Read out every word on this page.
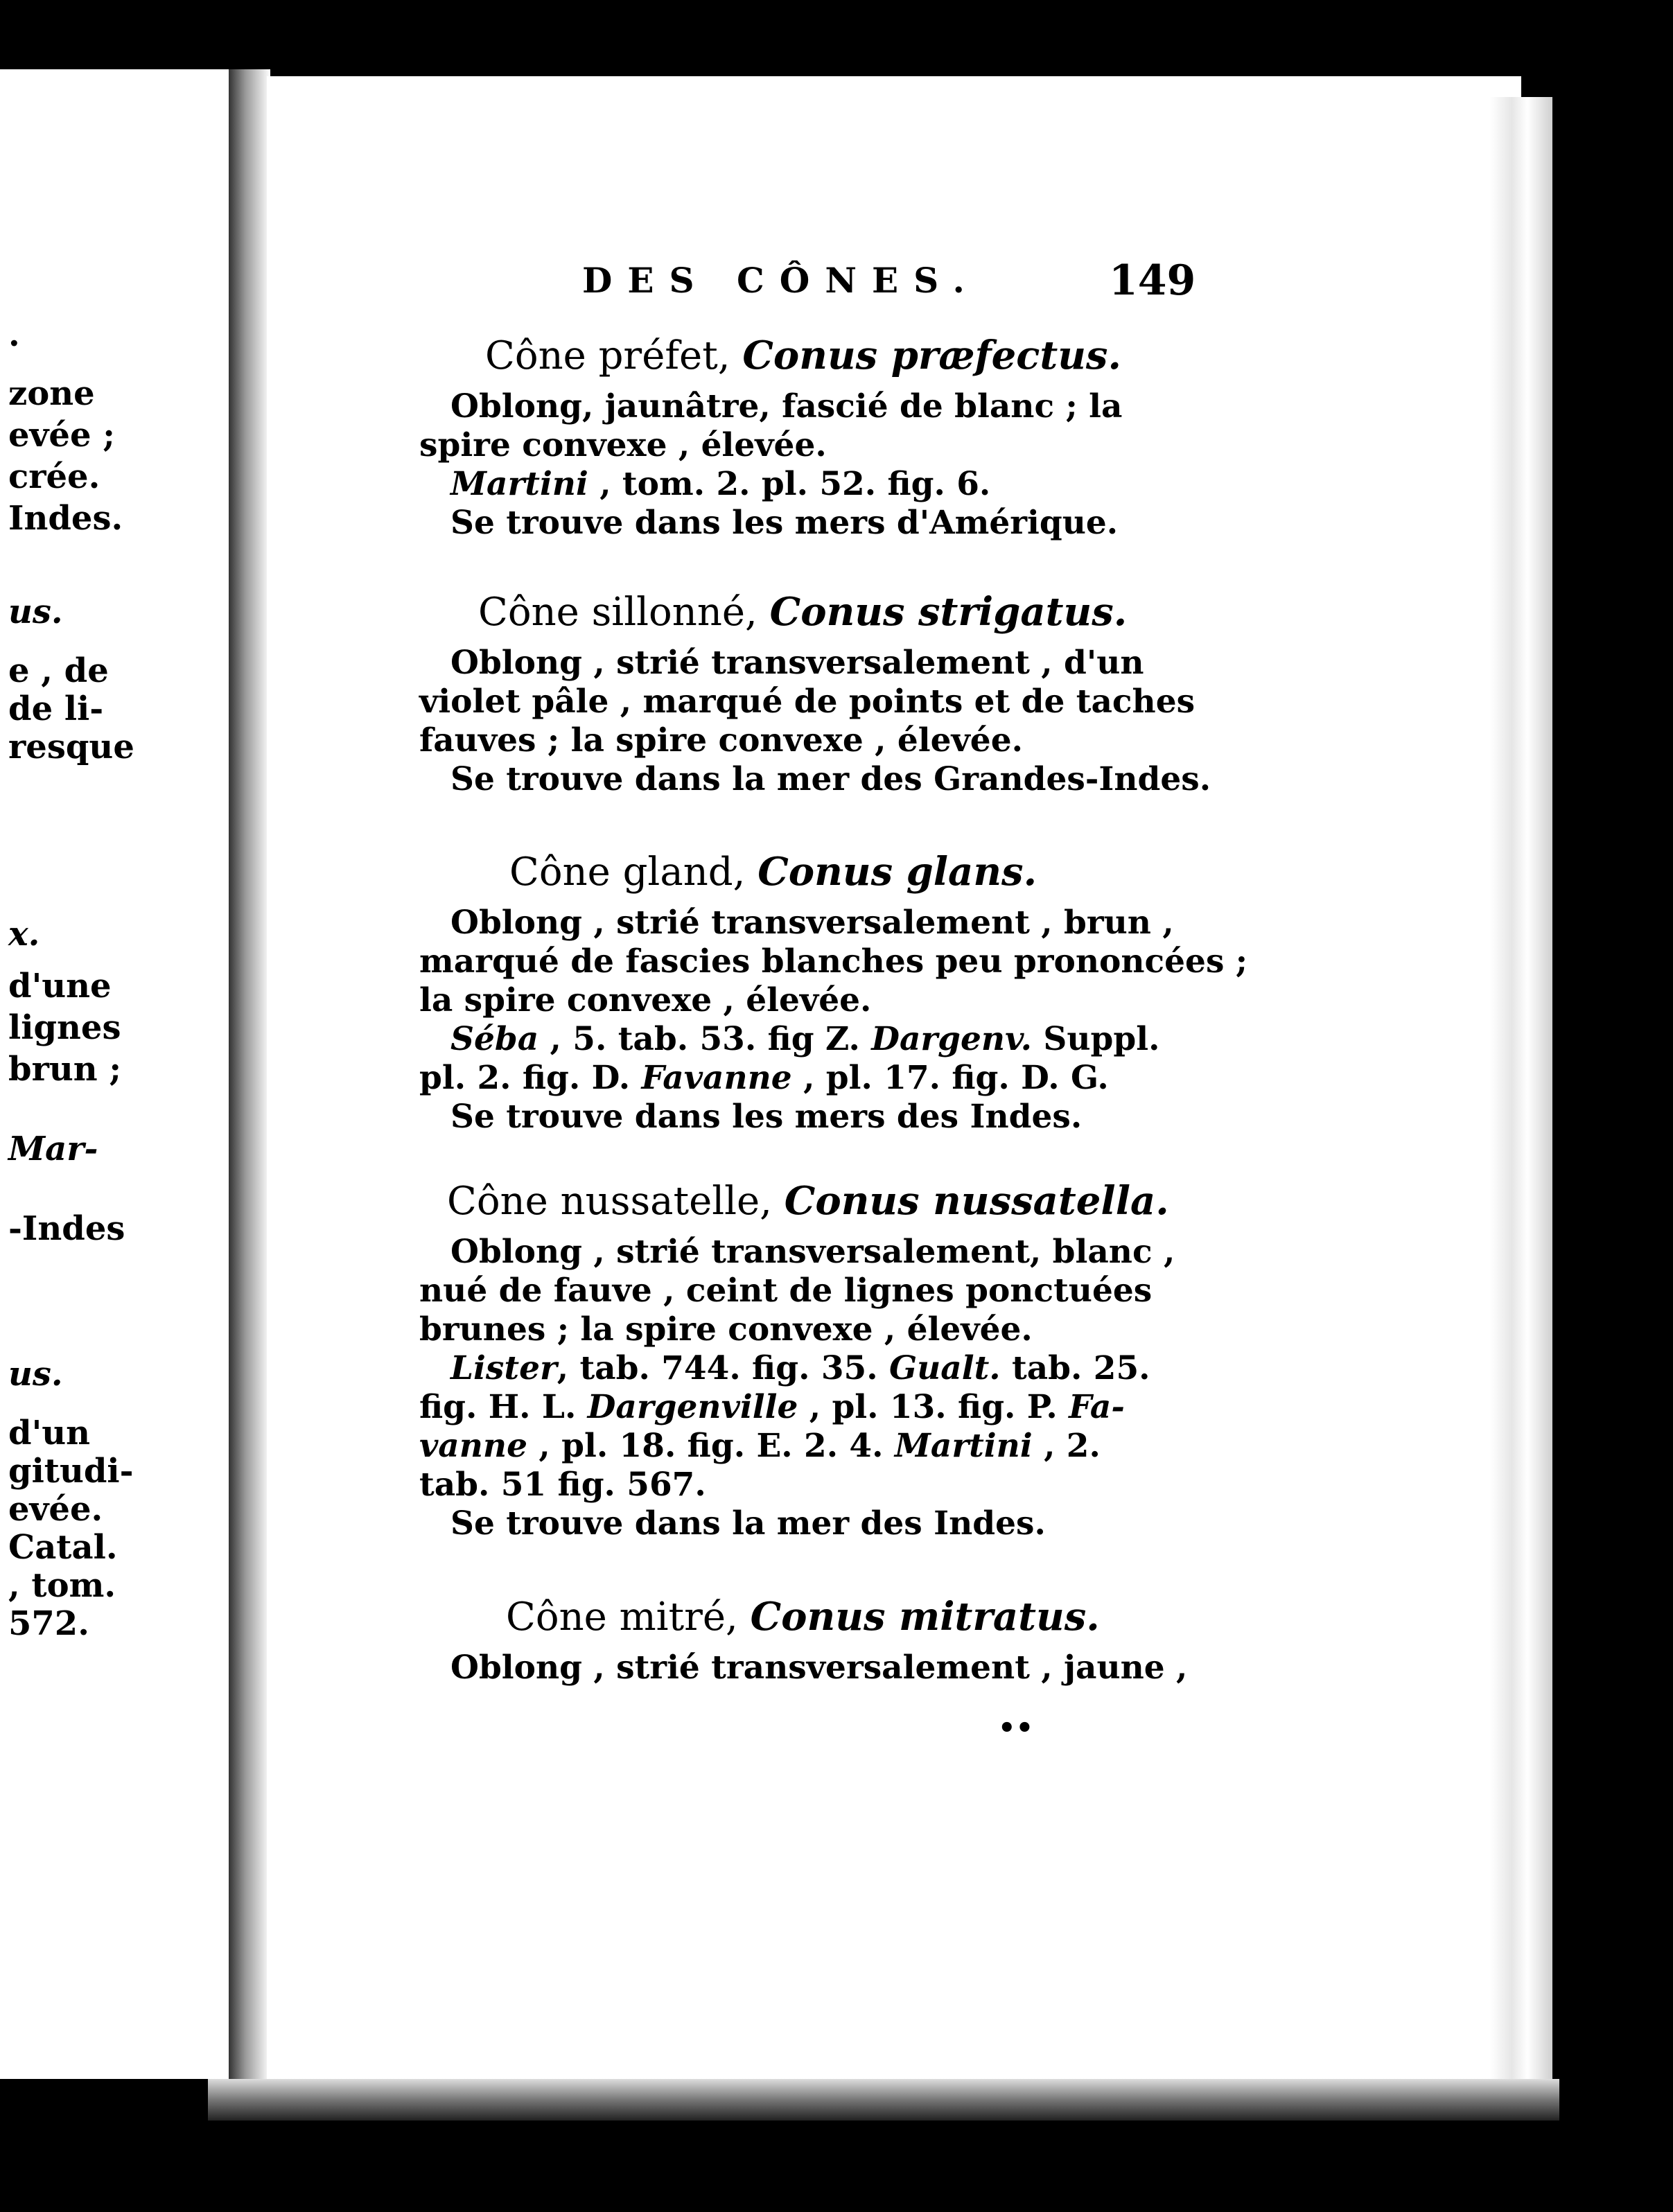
.
zone
evée ;
crée.
Indes.
us.
e , de
de li-
resque
x.
d'une
lignes
brun ;
Mar-
-Indes
us.
d'un
gitudi-
evée.
Catal.
, tom.
572.
DES CÔNES.	149
Cône préfet, Conus præfectus.
Oblong, jaunâtre, fascié de blanc ; la
spire convexe , élevée.
Martini , tom. 2. pl. 52. fig. 6.
Se trouve dans les mers d'Amérique.
Cône sillonné, Conus strigatus.
Oblong , strié transversalement , d'un
violet pâle , marqué de points et de taches
fauves ; la spire convexe , élevée.
Se trouve dans la mer des Grandes-Indes.
Cône gland, Conus glans.
Oblong , strié transversalement , brun ,
marqué de fascies blanches peu prononcées ;
la spire convexe , élevée.
Séba , 5. tab. 53. fig Z. Dargenv. Suppl.
pl. 2. fig. D. Favanne , pl. 17. fig. D. G.
Se trouve dans les mers des Indes.
Cône nussatelle, Conus nussatella.
Oblong , strié transversalement, blanc ,
nué de fauve , ceint de lignes ponctuées
brunes ; la spire convexe , élevée.
Lister, tab. 744. fig. 35. Gualt. tab. 25.
fig. H. L. Dargenville , pl. 13. fig. P. Fa-
vanne , pl. 18. fig. E. 2. 4. Martini , 2.
tab. 51 fig. 567.
Se trouve dans la mer des Indes.
Cône mitré, Conus mitratus.
Oblong , strié transversalement , jaune ,
••
